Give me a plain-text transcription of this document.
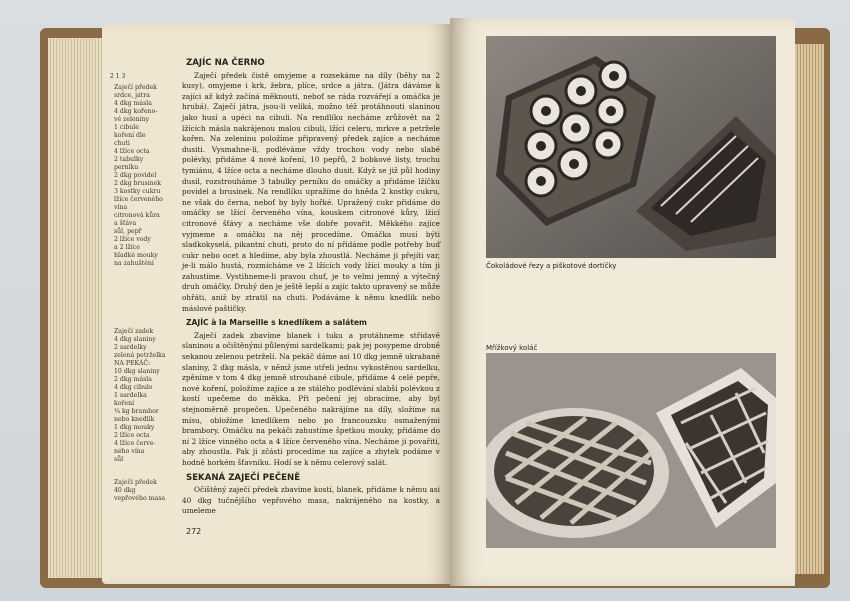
2 1 3
Zaječí předek
srdce, játra
4 dkg másla
4 dkg kořeno-
vé zeleniny
1 cibule
koření dle
chuti
4 lžíce octa
2 tabulky
perníku
2 dkg povidel
2 dkg brusinek
3 kostky cukru
lžíce červeného
vína
citronová kůra
a šťáva
sůl, pepř
2 lžíce vody
a 2 lžíce
hladké mouky
na zahuštění
Zaječí zadek
4 dkg slaniny
2 sardelky
zelená petrželka
NA PEKÁČ:
10 dkg slaniny
2 dkg másla
4 dkg cibule
1 sardelka
koření
¼ kg brambor
nebo knedlík
1 dkg mouky
2 lžíce octa
4 lžíce červe-
ného vína
sůl
Zaječí předek
40 dkg
vepřového masa
ZAJÍC NA ČERNO

Zaječí předek čistě omyjeme a rozsekáme na díly (běhy na 2 kusy), omyjeme i krk, žebra, plíce, srdce a játra. (Játra dáváme k zajíci až když začíná měknouti, neboť se ráda rozvářejí a omáčka je hrubá). Zaječí játra, jsou-li veliká, možno též protáhnouti slaninou jako husí a upéci na cibuli. Na rendlíku necháme zrůžovět na 2 lžících másla nakrájenou malou cibuli, lžíci celeru, mrkve a petržele kořen. Na zeleninu položíme připravený předek zajíce a necháme dusiti. Vysmahne-li, podléváme vždy trochou vody nebo slabé polévky, přidáme 4 nové koření, 10 pepřů, 2 bobkové listy, trochu tymiánu, 4 lžíce octa a necháme dlouho dusit. Když se již půl hodiny dusil, rozstrouháme 3 tabulky perníku do omáčky a přidáme lžíčku povidel a brusinek. Na rendlíku upražíme do hněda 2 kostky cukru, ne však do černa, neboť by byly hořké. Upražený cukr přidáme do omáčky se lžící červeného vína, kouskem citronové kůry, lžící citronové šťávy a necháme vše dobře povařit. Měkkého zajíce vyjmeme a omáčku na něj procedíme. Omáčka musí býti sladkokyselá, pikantní chuti, proto do ní přidáme podle potřeby buď cukr nebo ocet a hledíme, aby byla zhoustlá. Necháme ji přejíti var, je-li málo hustá, rozmícháme ve 2 lžících vody lžíci mouky a tím ji zahustíme. Vystihneme-li pravou chuť, je to velmi jemný a výtečný druh omáčky. Druhý den je ještě lepší a zajíc takto upravený se může ohřáti, aniž by ztratil na chuti. Podáváme k němu knedlík nebo máslové paštičky.

ZAJÍC à la Marseille s knedlíkem a salátem

Zaječí zadek zbavíme blanek i tuku a protáhneme střídavě slaninou a očištěnými půlenými sardelkami; pak jej posypeme drobně sekanou zelenou petrželí. Na pekáč dáme asi 10 dkg jemně ukrabané slaniny, 2 dkg másla, v němž jsme utřeli jednu vykostěnou sardelku, zpěníme v tom 4 dkg jemně strouhané cibule, přidáme 4 celé pepře, nové koření, položíme zajíce a ze stálého podlévání slabší polévkou z kostí upečeme do měkka. Při pečení jej obracíme, aby byl stejnoměrně propečen. Upečeného nakrájíme na díly, složíme na mísu, obložíme knedlíkem nebo po francouzsku osmaženými brambory. Omáčku na pekáči zahustíme špetkou mouky, přidáme do ní 2 lžíce vinného octa a 4 lžíce červeného vína. Necháme ji povařiti, aby zhoustla. Pak ji zčásti procedíme na zajíce a zbytek podáme v hodně horkém šťavníku. Hodí se k němu celerový salát.

SEKANÁ ZAJEČÍ PEČENĚ

Očištěný zaječí předek zbavíme kostí, blanek, přidáme k němu asi 40 dkg tučnějšího vepřového masa, nakrájeného na kostky, a umeleme

272
Čokoládové řezy a piškotové dortíčky
Mřížkový koláč
